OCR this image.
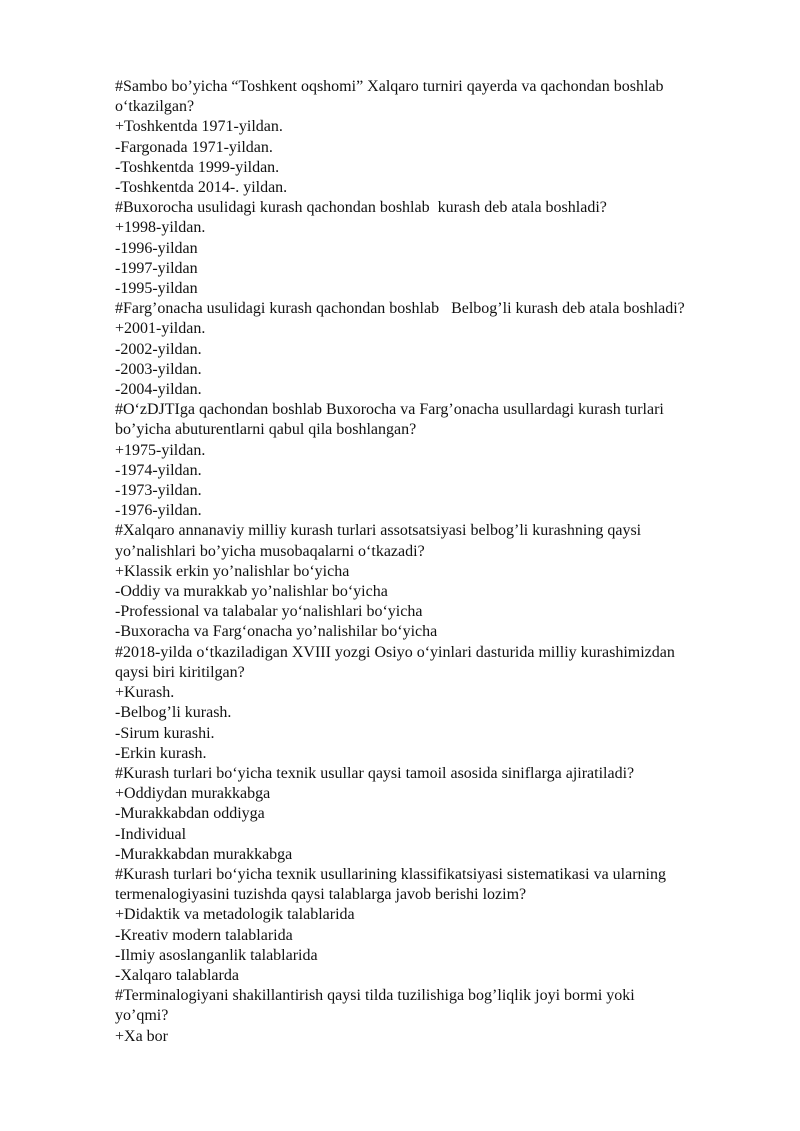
#Sambo bo’yicha “Toshkent oqshomi” Xalqaro turniri qayerda va qachondan boshlab
o‘tkazilgan?
+Toshkentda 1971-yildan.
-Fargonada 1971-yildan.
-Toshkentda 1999-yildan.
-Toshkentda 2014-. yildan.
#Buxorocha usulidagi kurash qachondan boshlab  kurash deb atala boshladi?
+1998-yildan.
-1996-yildan
-1997-yildan
-1995-yildan
#Farg’onacha usulidagi kurash qachondan boshlab   Belbog’li kurash deb atala boshladi?
+2001-yildan.
-2002-yildan.
-2003-yildan.
-2004-yildan.
#O‘zDJTIga qachondan boshlab Buxorocha va Farg’onacha usullardagi kurash turlari
bo’yicha abuturentlarni qabul qila boshlangan?
+1975-yildan.
-1974-yildan.
-1973-yildan.
-1976-yildan.
#Xalqaro annanaviy milliy kurash turlari assotsatsiyasi belbog’li kurashning qaysi
yo’nalishlari bo’yicha musobaqalarni o‘tkazadi?
+Klassik erkin yo’nalishlar bo‘yicha
-Oddiy va murakkab yo’nalishlar bo‘yicha
-Professional va talabalar yo‘nalishlari bo‘yicha
-Buxoracha va Farg‘onacha yo’nalishilar bo‘yicha
#2018-yilda o‘tkaziladigan XVIII yozgi Osiyo o‘yinlari dasturida milliy kurashimizdan
qaysi biri kiritilgan?
+Kurash.
-Belbog’li kurash.
-Sirum kurashi.
-Erkin kurash.
#Kurash turlari bo‘yicha texnik usullar qaysi tamoil asosida siniflarga ajiratiladi?
+Oddiydan murakkabga
-Murakkabdan oddiyga
-Individual
-Murakkabdan murakkabga
#Kurash turlari bo‘yicha texnik usullarining klassifikatsiyasi sistematikasi va ularning
termenalogiyasini tuzishda qaysi talablarga javob berishi lozim?
+Didaktik va metadologik talablarida
-Kreativ modern talablarida
-Ilmiy asoslanganlik talablarida
-Xalqaro talablarda
#Terminalogiyani shakillantirish qaysi tilda tuzilishiga bog’liqlik joyi bormi yoki
yo’qmi?
+Xa bor
